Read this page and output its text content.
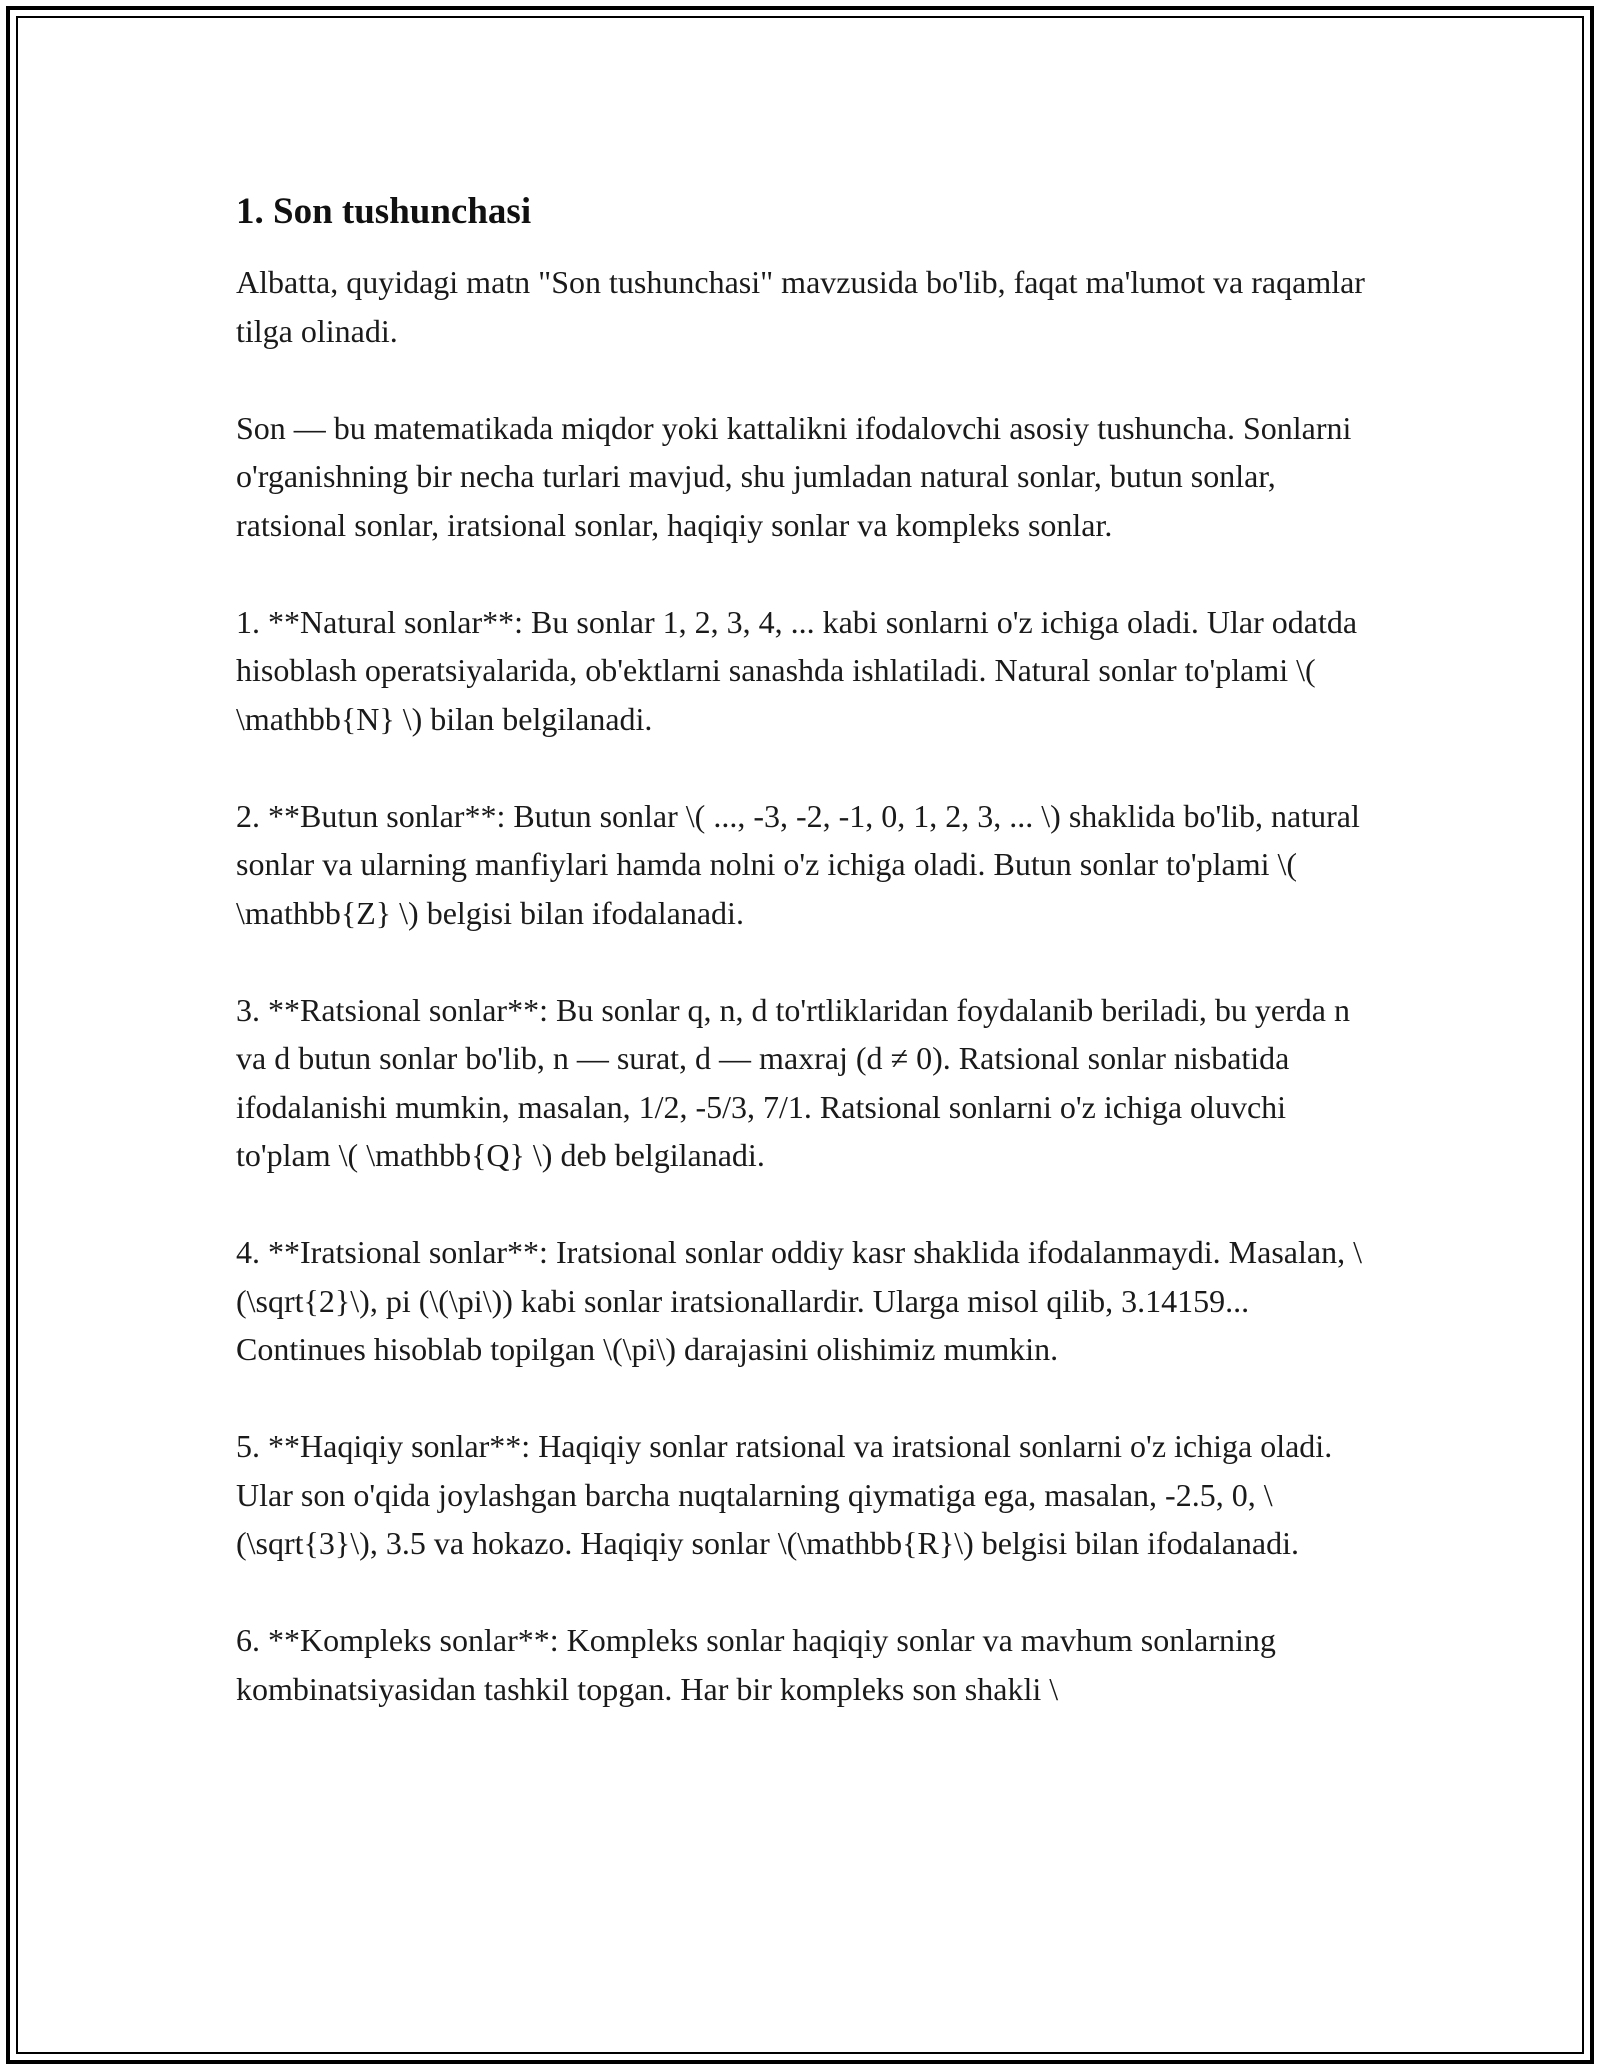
1. Son tushunchasi

Albatta, quyidagi matn "Son tushunchasi" mavzusida bo'lib, faqat ma'lumot va raqamlar tilga olinadi.

Son — bu matematikada miqdor yoki kattalikni ifodalovchi asosiy tushuncha. Sonlarni o'rganishning bir necha turlari mavjud, shu jumladan natural sonlar, butun sonlar, ratsional sonlar, iratsional sonlar, haqiqiy sonlar va kompleks sonlar.

1. **Natural sonlar**: Bu sonlar 1, 2, 3, 4, ... kabi sonlarni o'z ichiga oladi. Ular odatda hisoblash operatsiyalarida, ob'ektlarni sanashda ishlatiladi. Natural sonlar to'plami \( \mathbb{N} \) bilan belgilanadi.

2. **Butun sonlar**: Butun sonlar \( ..., -3, -2, -1, 0, 1, 2, 3, ... \) shaklida bo'lib, natural sonlar va ularning manfiylari hamda nolni o'z ichiga oladi. Butun sonlar to'plami \( \mathbb{Z} \) belgisi bilan ifodalanadi.

3. **Ratsional sonlar**: Bu sonlar q, n, d to'rtliklaridan foydalanib beriladi, bu yerda n va d butun sonlar bo'lib, n — surat, d — maxraj (d ≠ 0). Ratsional sonlar nisbatida ifodalanishi mumkin, masalan, 1/2, -5/3, 7/1. Ratsional sonlarni o'z ichiga oluvchi to'plam \( \mathbb{Q} \) deb belgilanadi.

4. **Iratsional sonlar**: Iratsional sonlar oddiy kasr shaklida ifodalanmaydi. Masalan, \(\sqrt{2}\), pi (\(\pi\)) kabi sonlar iratsionallardir. Ularga misol qilib, 3.14159... Continues hisoblab topilgan \(\pi\) darajasini olishimiz mumkin.

5. **Haqiqiy sonlar**: Haqiqiy sonlar ratsional va iratsional sonlarni o'z ichiga oladi. Ular son o'qida joylashgan barcha nuqtalarning qiymatiga ega, masalan, -2.5, 0, \(\sqrt{3}\), 3.5 va hokazo. Haqiqiy sonlar \(\mathbb{R}\) belgisi bilan ifodalanadi.

6. **Kompleks sonlar**: Kompleks sonlar haqiqiy sonlar va mavhum sonlarning kombinatsiyasidan tashkil topgan. Har bir kompleks son shakli \
